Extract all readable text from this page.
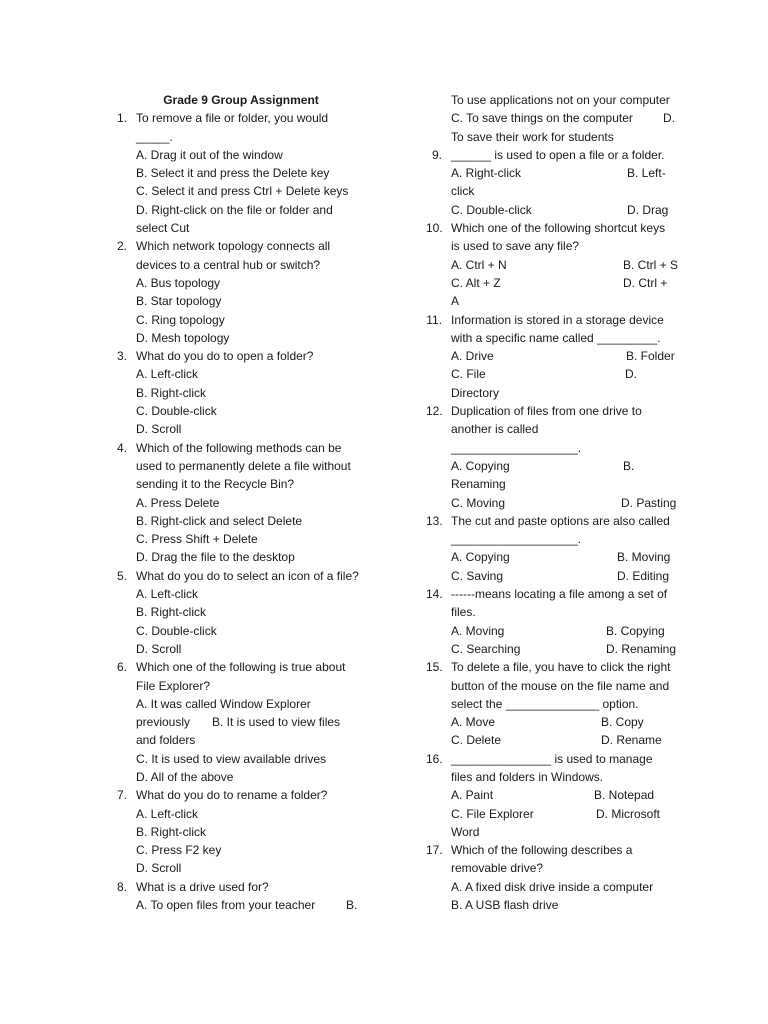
Grade 9 Group Assignment
1. To remove a file or folder, you would
_____.
A. Drag it out of the window
B. Select it and press the Delete key
C. Select it and press Ctrl + Delete keys
D. Right-click on the file or folder and
select Cut
2. Which network topology connects all
devices to a central hub or switch?
A. Bus topology
B. Star topology
C. Ring topology
D. Mesh topology
3. What do you do to open a folder?
A. Left-click
B. Right-click
C. Double-click
D. Scroll
4. Which of the following methods can be
used to permanently delete a file without
sending it to the Recycle Bin?
A. Press Delete
B. Right-click and select Delete
C. Press Shift + Delete
D. Drag the file to the desktop
5. What do you do to select an icon of a file?
A. Left-click
B. Right-click
C. Double-click
D. Scroll
6. Which one of the following is true about
File Explorer?
A. It was called Window Explorer
previously B. It is used to view files
and folders
C. It is used to view available drives
D. All of the above
7. What do you do to rename a folder?
A. Left-click
B. Right-click
C. Press F2 key
D. Scroll
8. What is a drive used for?
A. To open files from your teacher	B.
To use applications not on your computer
C. To save things on the computer	D.
To save their work for students
9. ______ is used to open a file or a folder.
A. Right-click	B. Left-
click
C. Double-click	D. Drag
10. Which one of the following shortcut keys
is used to save any file?
A. Ctrl + N	B. Ctrl + S
C. Alt + Z	D. Ctrl +
A
11. Information is stored in a storage device
with a specific name called _________.
A. Drive	B. Folder
C. File	D.
Directory
12. Duplication of files from one drive to
another is called
___________________.
A. Copying	B.
Renaming
C. Moving	D. Pasting
13. The cut and paste options are also called
___________________.
A. Copying	B. Moving
C. Saving	D. Editing
14. ------means locating a file among a set of
files.
A. Moving	B. Copying
C. Searching	D. Renaming
15. To delete a file, you have to click the right
button of the mouse on the file name and
select the ______________ option.
A. Move	B. Copy
C. Delete	D. Rename
16. _______________ is used to manage
files and folders in Windows.
A. Paint	B. Notepad
C. File Explorer	D. Microsoft
Word
17. Which of the following describes a
removable drive?
A. A fixed disk drive inside a computer
B. A USB flash drive
